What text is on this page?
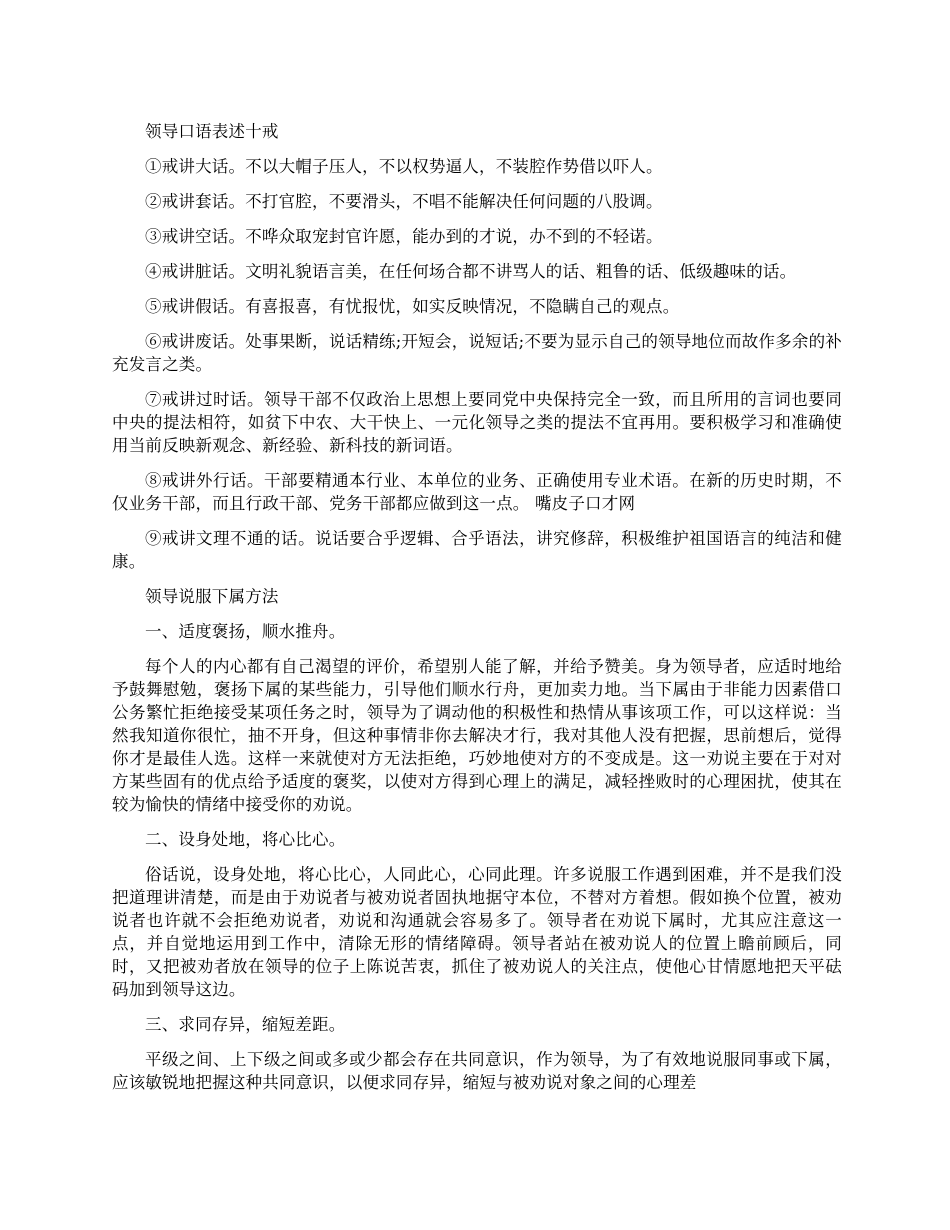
领导口语表述十戒

①戒讲大话。不以大帽子压人，不以权势逼人，不装腔作势借以吓人。

②戒讲套话。不打官腔，不要滑头，不唱不能解决任何问题的八股调。

③戒讲空话。不哗众取宠封官许愿，能办到的才说，办不到的不轻诺。

④戒讲脏话。文明礼貌语言美，在任何场合都不讲骂人的话、粗鲁的话、低级趣味的话。

⑤戒讲假话。有喜报喜，有忧报忧，如实反映情况，不隐瞒自己的观点。

⑥戒讲废话。处事果断，说话精练;开短会，说短话;不要为显示自己的领导地位而故作多余的补充发言之类。

⑦戒讲过时话。领导干部不仅政治上思想上要同党中央保持完全一致，而且所用的言词也要同中央的提法相符，如贫下中农、大干快上、一元化领导之类的提法不宜再用。要积极学习和准确使用当前反映新观念、新经验、新科技的新词语。

⑧戒讲外行话。干部要精通本行业、本单位的业务、正确使用专业术语。在新的历史时期，不仅业务干部，而且行政干部、党务干部都应做到这一点。 嘴皮子口才网

⑨戒讲文理不通的话。说话要合乎逻辑、合乎语法，讲究修辞，积极维护祖国语言的纯洁和健康。

领导说服下属方法

一、适度褒扬，顺水推舟。

每个人的内心都有自己渴望的评价，希望别人能了解，并给予赞美。身为领导者，应适时地给予鼓舞慰勉，褒扬下属的某些能力，引导他们顺水行舟，更加卖力地。当下属由于非能力因素借口公务繁忙拒绝接受某项任务之时，领导为了调动他的积极性和热情从事该项工作，可以这样说：当然我知道你很忙，抽不开身，但这种事情非你去解决才行，我对其他人没有把握，思前想后，觉得你才是最佳人选。这样一来就使对方无法拒绝，巧妙地使对方的不变成是。这一劝说主要在于对对方某些固有的优点给予适度的褒奖，以使对方得到心理上的满足，减轻挫败时的心理困扰，使其在较为愉快的情绪中接受你的劝说。

二、设身处地，将心比心。

俗话说，设身处地，将心比心，人同此心，心同此理。许多说服工作遇到困难，并不是我们没把道理讲清楚，而是由于劝说者与被劝说者固执地据守本位，不替对方着想。假如换个位置，被劝说者也许就不会拒绝劝说者，劝说和沟通就会容易多了。领导者在劝说下属时，尤其应注意这一点，并自觉地运用到工作中，清除无形的情绪障碍。领导者站在被劝说人的位置上瞻前顾后，同时，又把被劝者放在领导的位子上陈说苦衷，抓住了被劝说人的关注点，使他心甘情愿地把天平砝码加到领导这边。

三、求同存异，缩短差距。

平级之间、上下级之间或多或少都会存在共同意识，作为领导，为了有效地说服同事或下属，应该敏锐地把握这种共同意识，以便求同存异，缩短与被劝说对象之间的心理差
